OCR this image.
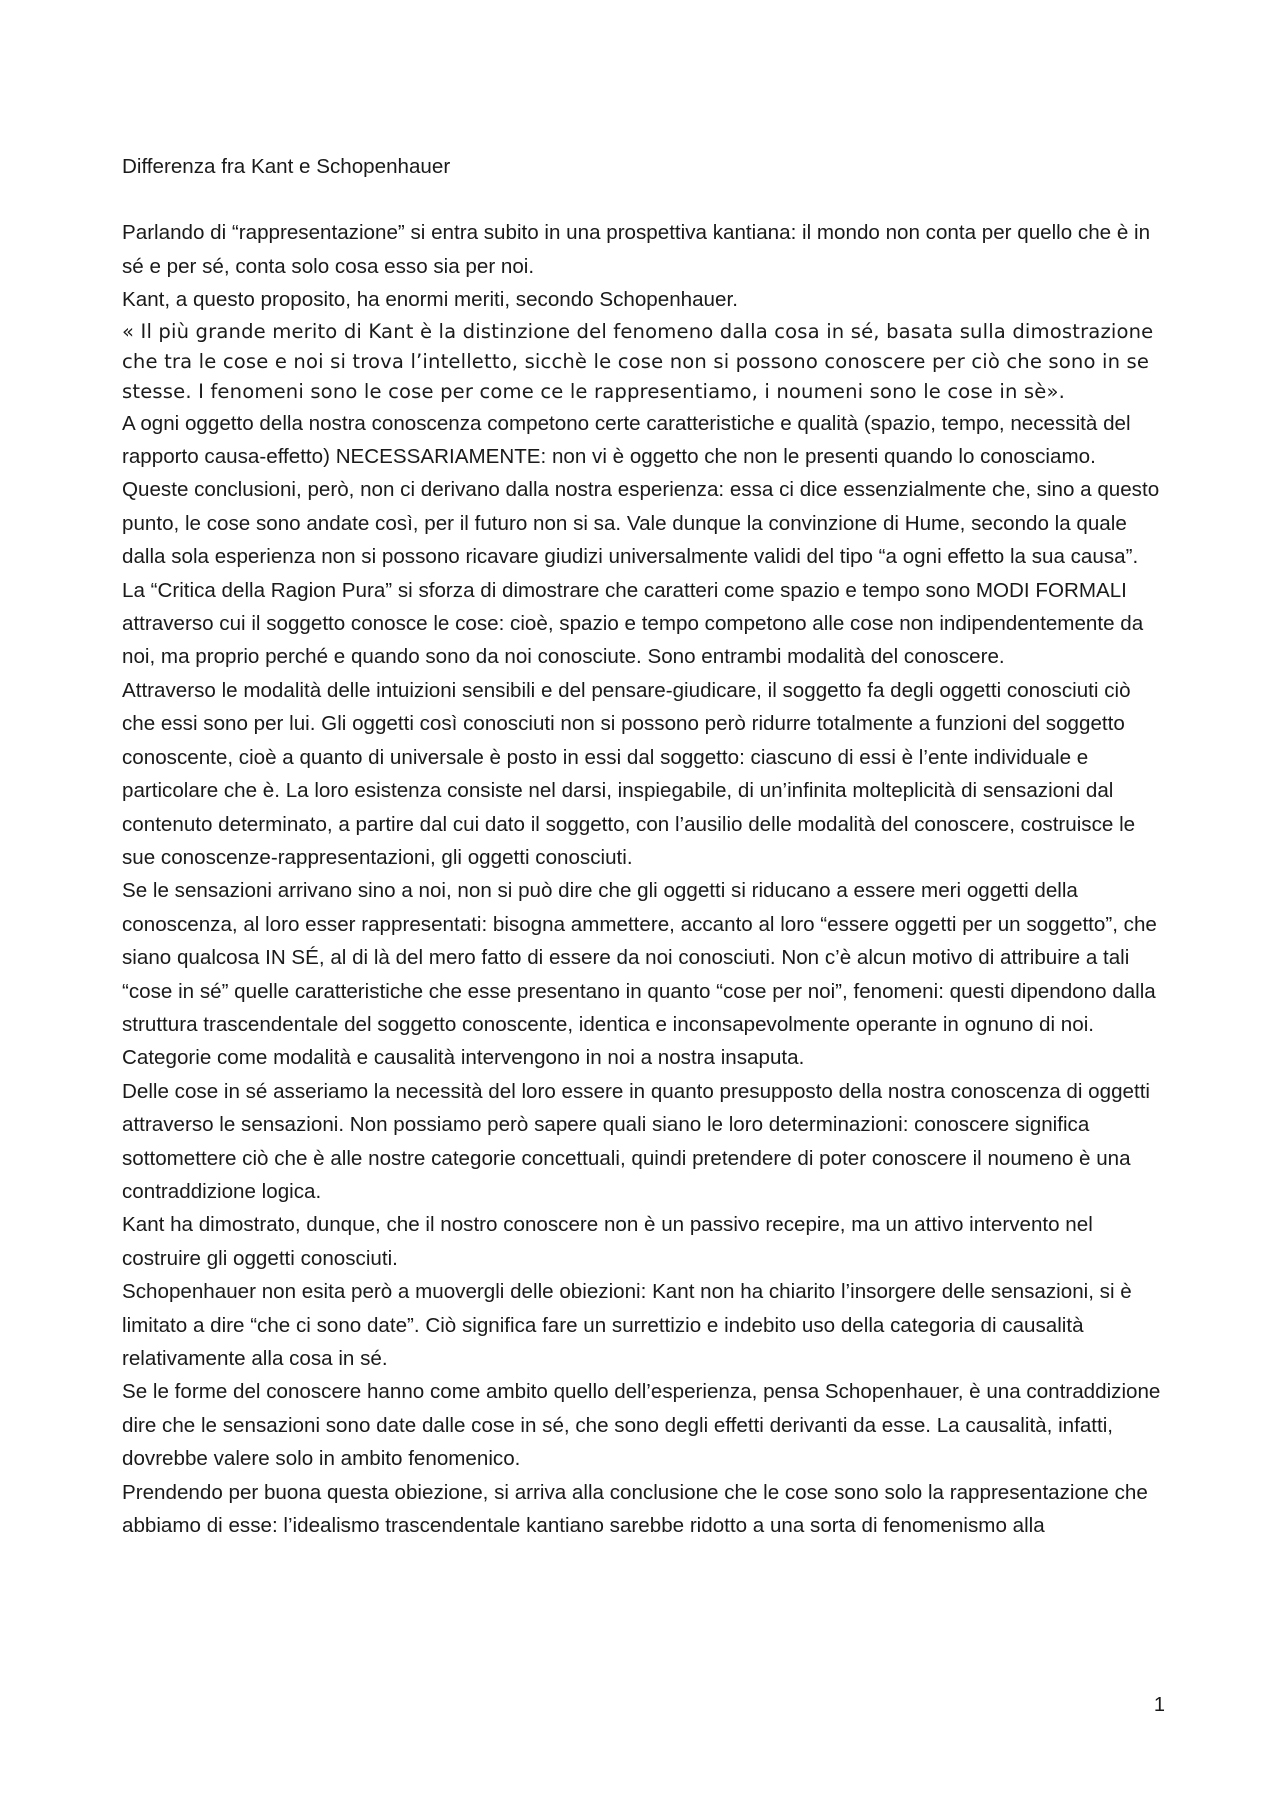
Differenza fra Kant e Schopenhauer

Parlando di “rappresentazione” si entra subito in una prospettiva kantiana: il mondo non conta per quello che è in sé e per sé, conta solo cosa esso sia per noi.

Kant, a questo proposito, ha enormi meriti, secondo Schopenhauer.

« Il più grande merito di Kant è la distinzione del fenomeno dalla cosa in sé, basata sulla dimostrazione che tra le cose e noi si trova l’intelletto, sicchè le cose non si possono conoscere per ciò che sono in se stesse. I fenomeni sono le cose per come ce le rappresentiamo, i noumeni sono le cose in sè».

A ogni oggetto della nostra conoscenza competono certe caratteristiche e qualità (spazio, tempo, necessità del rapporto causa-effetto) NECESSARIAMENTE: non vi è oggetto che non le presenti quando lo conosciamo. Queste conclusioni, però, non ci derivano dalla nostra esperienza: essa ci dice essenzialmente che, sino a questo punto, le cose sono andate così, per il futuro non si sa. Vale dunque la convinzione di Hume, secondo la quale dalla sola esperienza non si possono ricavare giudizi universalmente validi del tipo “a ogni effetto la sua causa”.

La “Critica della Ragion Pura” si sforza di dimostrare che caratteri come spazio e tempo sono MODI FORMALI attraverso cui il soggetto conosce le cose: cioè, spazio e tempo competono alle cose non indipendentemente da noi, ma proprio perché e quando sono da noi conosciute. Sono entrambi modalità del conoscere.

Attraverso le modalità delle intuizioni sensibili e del pensare-giudicare, il soggetto fa degli oggetti conosciuti ciò che essi sono per lui. Gli oggetti così conosciuti non si possono però ridurre totalmente a funzioni del soggetto conoscente, cioè a quanto di universale è posto in essi dal soggetto: ciascuno di essi è l’ente individuale e particolare che è. La loro esistenza consiste nel darsi, inspiegabile, di un’infinita molteplicità di sensazioni dal contenuto determinato, a partire dal cui dato il soggetto, con l’ausilio delle modalità del conoscere, costruisce le sue conoscenze-rappresentazioni, gli oggetti conosciuti.

Se le sensazioni arrivano sino a noi, non si può dire che gli oggetti si riducano a essere meri oggetti della conoscenza, al loro esser rappresentati: bisogna ammettere, accanto al loro “essere oggetti per un soggetto”, che siano qualcosa IN SÉ, al di là del mero fatto di essere da noi conosciuti. Non c’è alcun motivo di attribuire a tali “cose in sé” quelle caratteristiche che esse presentano in quanto “cose per noi”, fenomeni: questi dipendono dalla struttura trascendentale del soggetto conoscente, identica e inconsapevolmente operante in ognuno di noi. Categorie come modalità e causalità intervengono in noi a nostra insaputa.

Delle cose in sé asseriamo la necessità del loro essere in quanto presupposto della nostra conoscenza di oggetti attraverso le sensazioni. Non possiamo però sapere quali siano le loro determinazioni: conoscere significa sottomettere ciò che è alle nostre categorie concettuali, quindi pretendere di poter conoscere il noumeno è una contraddizione logica.

Kant ha dimostrato, dunque, che il nostro conoscere non è un passivo recepire, ma un attivo intervento nel costruire gli oggetti conosciuti.

Schopenhauer non esita però a muovergli delle obiezioni: Kant non ha chiarito l’insorgere delle sensazioni, si è limitato a dire “che ci sono date”. Ciò significa fare un surrettizio e indebito uso della categoria di causalità relativamente alla cosa in sé.

Se le forme del conoscere hanno come ambito quello dell’esperienza, pensa Schopenhauer, è una contraddizione dire che le sensazioni sono date dalle cose in sé, che sono degli effetti derivanti da esse. La causalità, infatti, dovrebbe valere solo in ambito fenomenico.

Prendendo per buona questa obiezione, si arriva alla conclusione che le cose sono solo la rappresentazione che abbiamo di esse: l’idealismo trascendentale kantiano sarebbe ridotto a una sorta di fenomenismo alla

1
